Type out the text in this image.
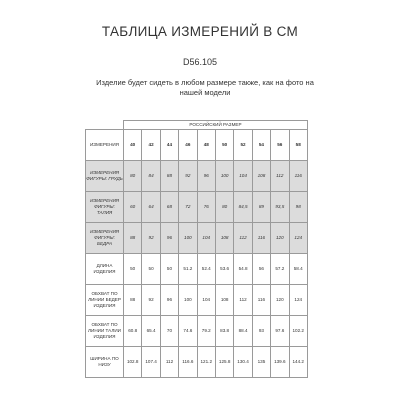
ТАБЛИЦА ИЗМЕРЕНИЙ В СМ
D56.105
Изделие будет сидеть в любом размере также, как на фото на нашей модели
	РОССИЙСКИЙ РАЗМЕР									
ИЗМЕРЕНИЯ	40	42	44	46	48	50	52	54	56	58
ИЗМЕРЕНИЯ ФИГУРЫ: ГРУДЬ	80	84	88	92	96	100	104	108	112	116
ИЗМЕРЕНИЯ ФИГУРЫ: ТАЛИЯ	60	64	68	72	76	80	84,5	89	93,5	98
ИЗМЕРЕНИЯ ФИГУРЫ: БЕДРА	88	92	96	100	104	108	112	116	120	124
ДЛИНА ИЗДЕЛИЯ	50	50	50	51.2	52.4	53.6	54.8	56	57.2	58.4
ОБХВАТ ПО ЛИНИИ БЕДЕР ИЗДЕЛИЯ	88	92	96	100	104	108	112	116	120	124
ОБХВАТ ПО ЛИНИИ ТАЛИИ ИЗДЕЛИЯ	60.8	65.4	70	74.6	79.2	83.8	88.4	93	97.6	102.2
ШИРИНА ПО НИЗУ	102.8	107.4	112	116.6	121.2	125.8	130.4	135	139.6	144.2
